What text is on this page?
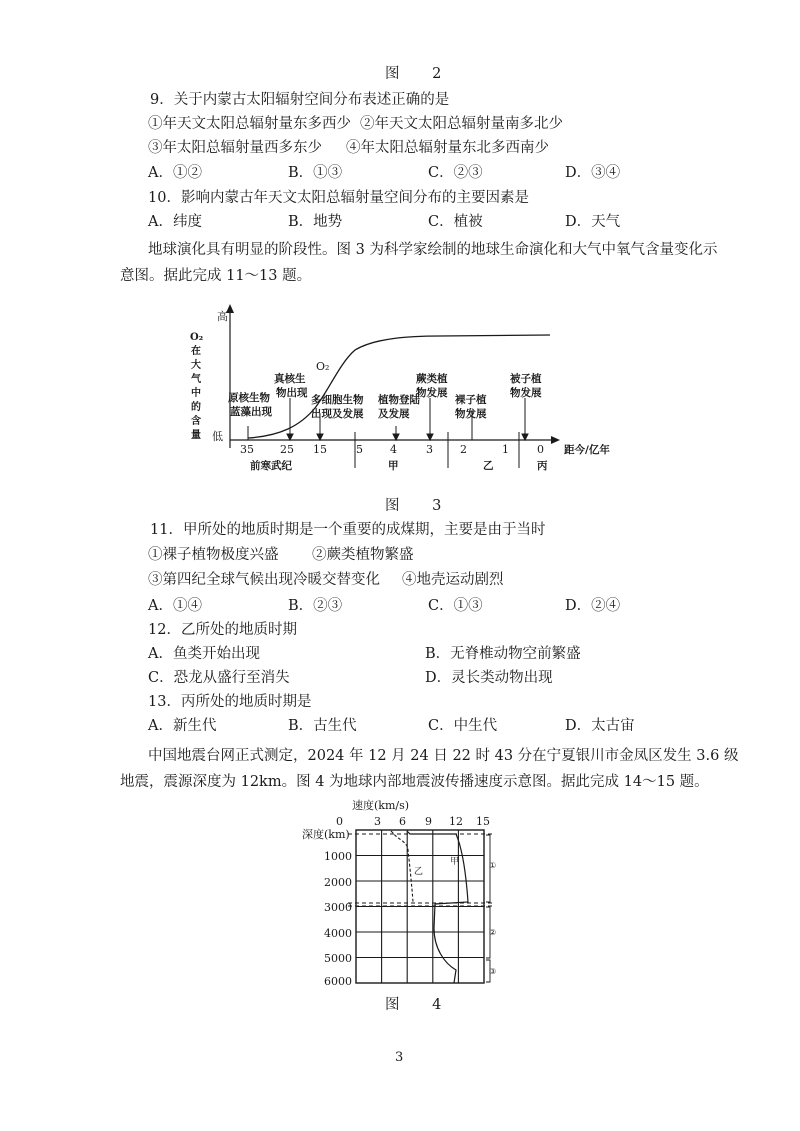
图 2
9．关于内蒙古太阳辐射空间分布表述正确的是
①年天文太阳总辐射量东多西少 ②年天文太阳总辐射量南多北少
③年太阳总辐射量西多东少 ④年太阳总辐射量东北多西南少
A．①②	B．①③	C．②③	D．③④
10．影响内蒙古年天文太阳总辐射量空间分布的主要因素是
A．纬度	B．地势	C．植被	D．天气
地球演化具有明显的阶段性。图 3 为科学家绘制的地球生命演化和大气中氧气含量变化示
意图。据此完成 11～13 题。
高
低
O₂
在
大
气
中
的
含
量
距今/亿年
35 25 15	5 4	3 2	1	0
前寒武纪	甲	乙	丙
O₂
原核生物
蓝藻出现
真核生
物出现
多细胞生物
出现及发展
植物登陆
及发展
蕨类植
物发展
裸子植
物发展
被子植
物发展
图 3
11．甲所处的地质时期是一个重要的成煤期，主要是由于当时
①裸子植物极度兴盛 ②蕨类植物繁盛
③第四纪全球气候出现冷暖交替变化 ④地壳运动剧烈
A．①④	B．②③	C．①③	D．②④
12．乙所处的地质时期
A．鱼类开始出现	B．无脊椎动物空前繁盛
C．恐龙从盛行至消失	D．灵长类动物出现
13．丙所处的地质时期是
A．新生代	B．古生代	C．中生代	D．太古宙
中国地震台网正式测定，2024 年 12 月 24 日 22 时 43 分在宁夏银川市金凤区发生 3.6 级
地震，震源深度为 12km。图 4 为地球内部地震波传播速度示意图。据此完成 14～15 题。
速度(km/s)
0	3 6 9 12 15
深度(km)
1000
2000
3000
4000
5000
6000
甲
乙
①
②
③
图 4
3
